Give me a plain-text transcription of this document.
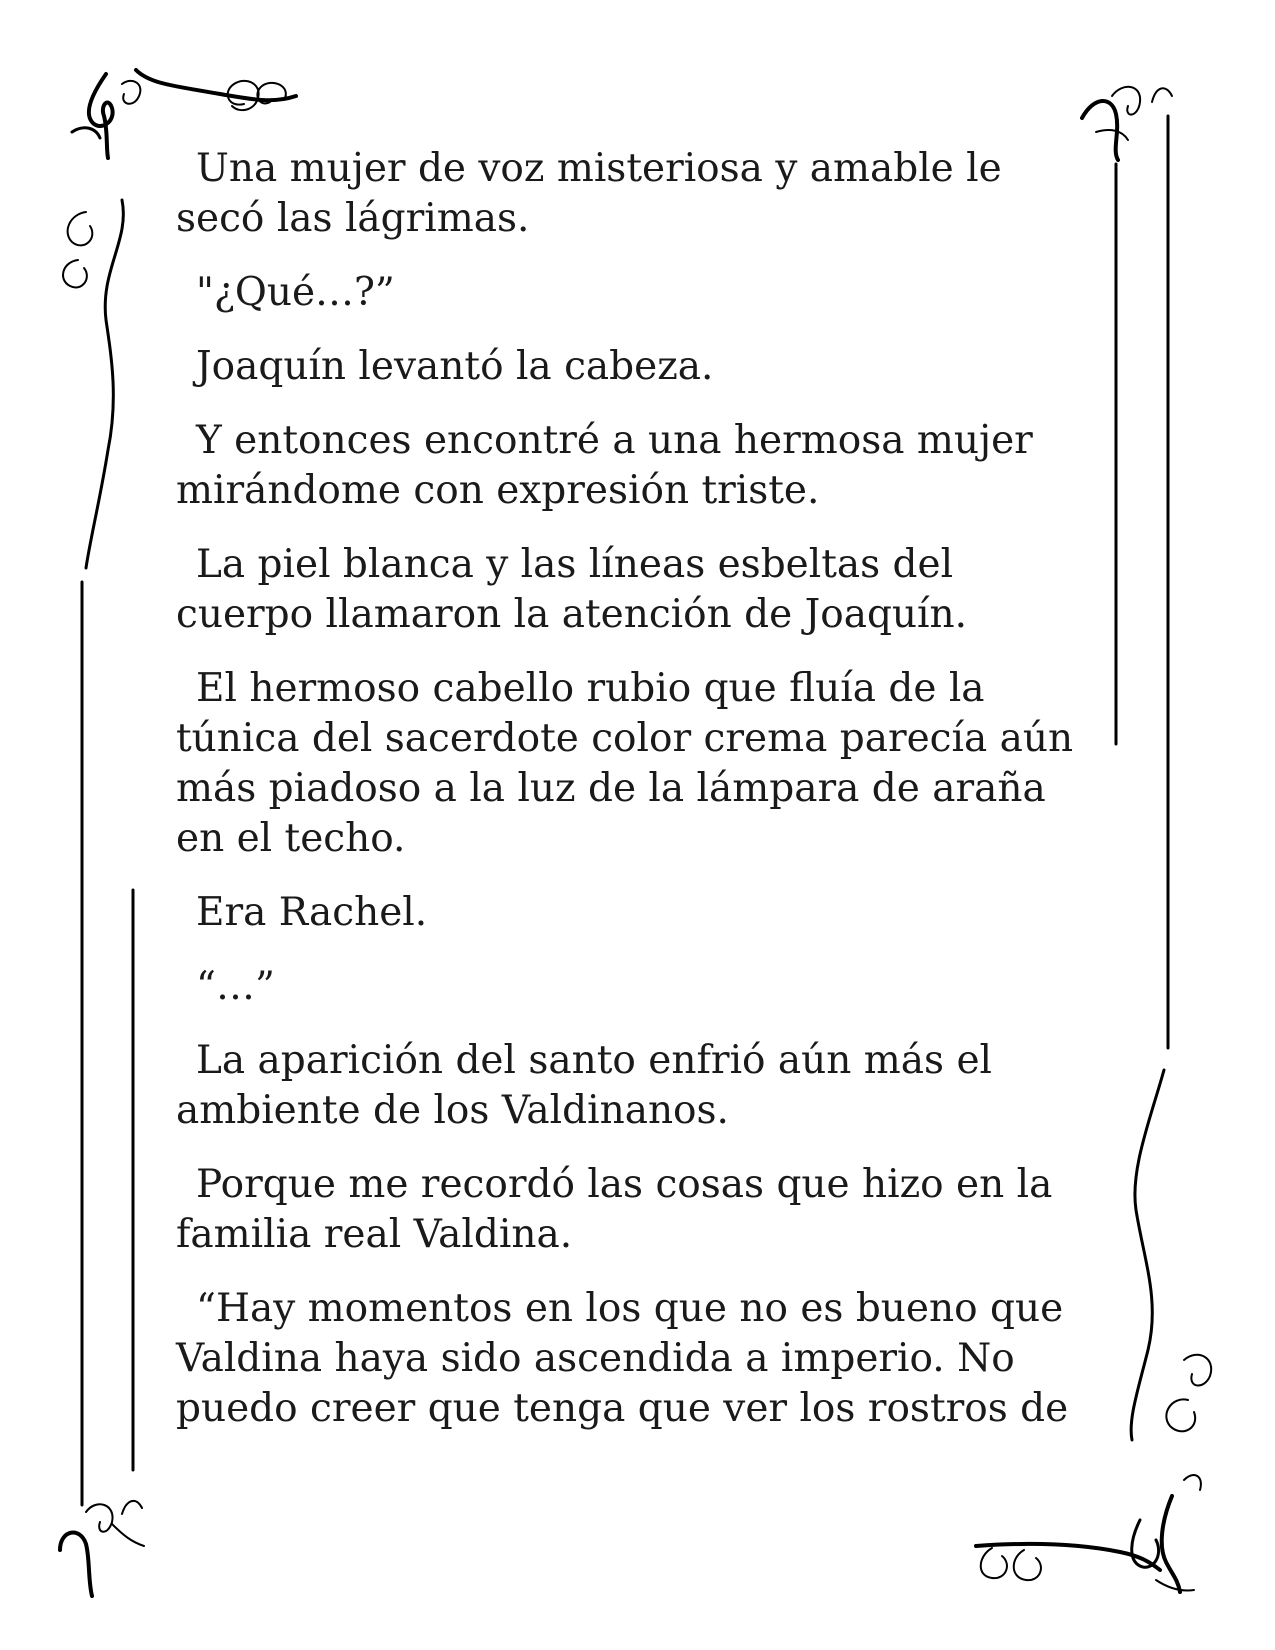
Una mujer de voz misteriosa y amable le secó las lágrimas.

"¿Qué…?”

Joaquín levantó la cabeza.

Y entonces encontré a una hermosa mujer mirándome con expresión triste.

La piel blanca y las líneas esbeltas del cuerpo llamaron la atención de Joaquín.

El hermoso cabello rubio que fluía de la túnica del sacerdote color crema parecía aún más piadoso a la luz de la lámpara de araña en el techo.

Era Rachel.

“…”

La aparición del santo enfrió aún más el ambiente de los Valdinanos.

Porque me recordó las cosas que hizo en la familia real Valdina.

“Hay momentos en los que no es bueno que Valdina haya sido ascendida a imperio. No puedo creer que tenga que ver los rostros de
